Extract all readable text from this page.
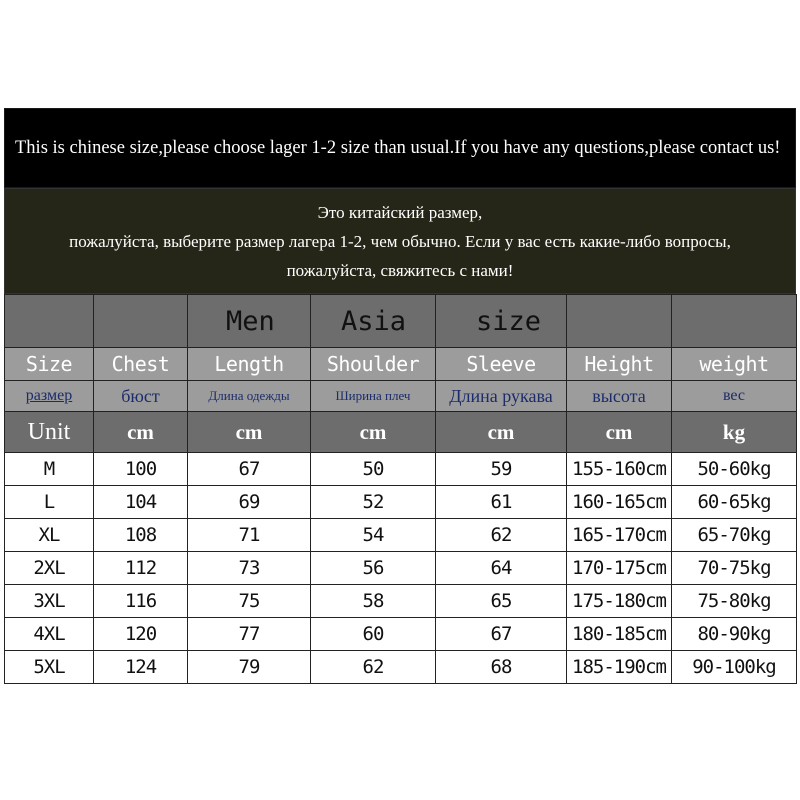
This is chinese size,please choose lager 1-2 size than usual.If you have any questions,please contact us!
Это китайский размер,
пожалуйста, выберите размер лагера 1-2, чем обычно. Если у вас есть какие-либо вопросы,
пожалуйста, свяжитесь с нами!
		Men	Asia	size		
Size	Chest	Length	Shoulder	Sleeve	Height	weight
размер	бюст	Длина одежды	Ширина плеч	Длина рукава	высота	вес
Unit	cm	cm	cm	cm	cm	kg
M	100	67	50	59	155-160cm	50-60kg
L	104	69	52	61	160-165cm	60-65kg
XL	108	71	54	62	165-170cm	65-70kg
2XL	112	73	56	64	170-175cm	70-75kg
3XL	116	75	58	65	175-180cm	75-80kg
4XL	120	77	60	67	180-185cm	80-90kg
5XL	124	79	62	68	185-190cm	90-100kg
